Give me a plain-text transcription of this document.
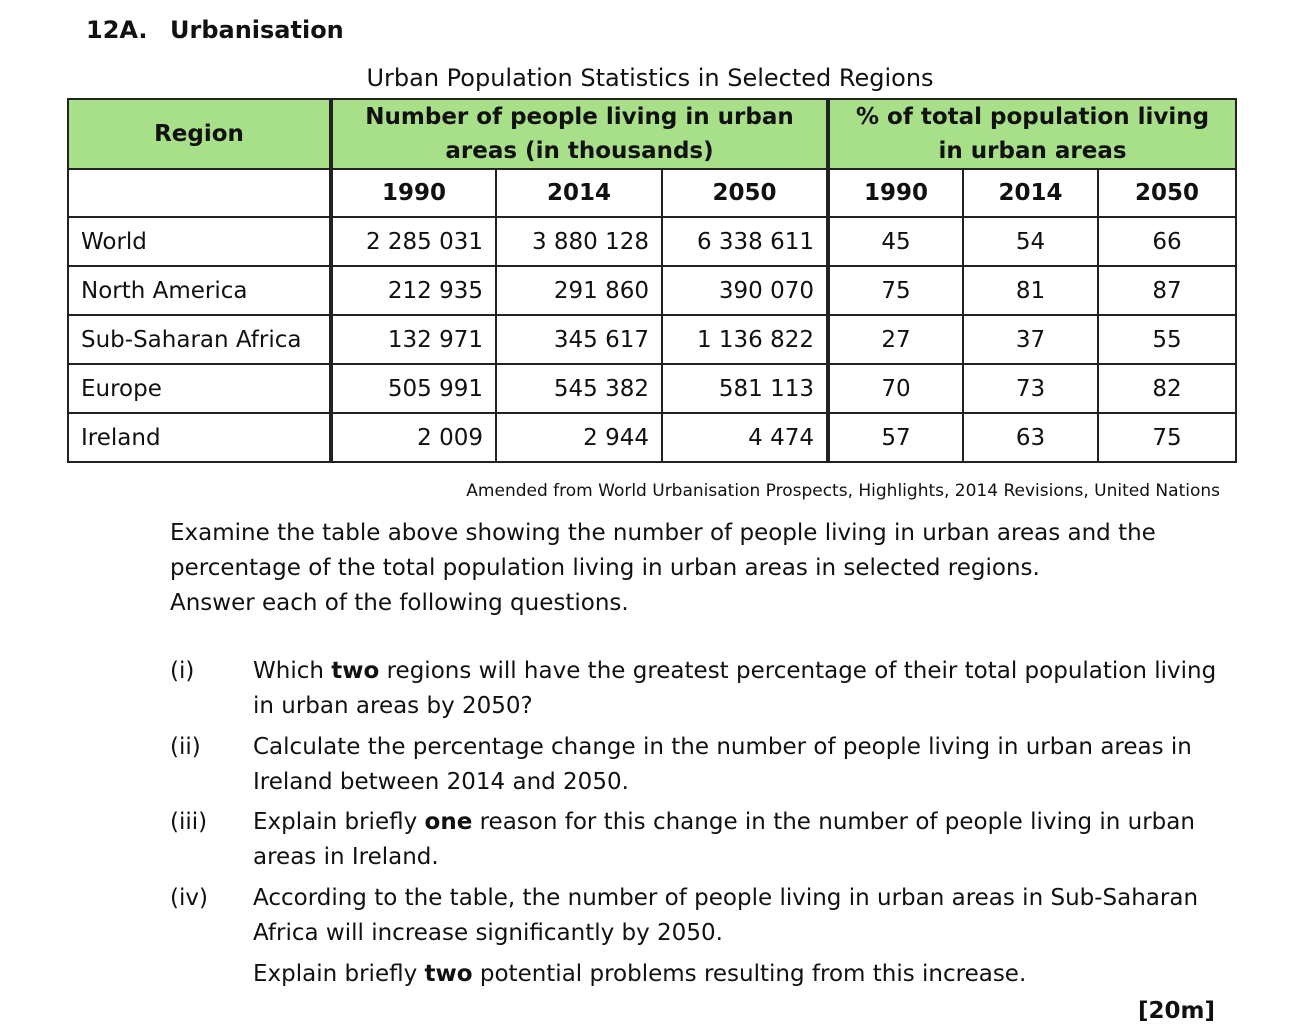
12A. Urbanisation
Urban Population Statistics in Selected Regions
Region	Number of people living in urban areas (in thousands)			% of total population living in urban areas		
	1990	2014	2050	1990	2014	2050
World	2 285 031	3 880 128	6 338 611	45	54	66
North America	212 935	291 860	390 070	75	81	87
Sub-Saharan Africa	132 971	345 617	1 136 822	27	37	55
Europe	505 991	545 382	581 113	70	73	82
Ireland	2 009	2 944	4 474	57	63	75
Amended from World Urbanisation Prospects, Highlights, 2014 Revisions, United Nations
Examine the table above showing the number of people living in urban areas and the
percentage of the total population living in urban areas in selected regions.
Answer each of the following questions.
(i)	Which two regions will have the greatest percentage of their total population living in urban areas by 2050?
(ii)	Calculate the percentage change in the number of people living in urban areas in Ireland between 2014 and 2050.
(iii)	Explain briefly one reason for this change in the number of people living in urban areas in Ireland.
(iv)	According to the table, the number of people living in urban areas in Sub-Saharan Africa will increase significantly by 2050.
Explain briefly two potential problems resulting from this increase.
[20m]
